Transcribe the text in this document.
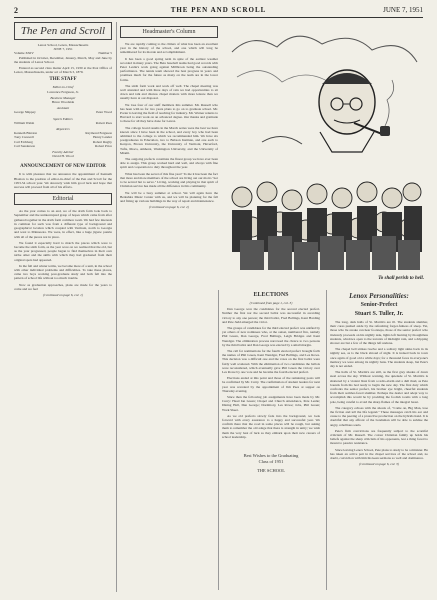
2	THE PEN AND SCROLL	JUNE 7, 1951
The Pen and Scroll
Lenox School, Lenox, Massachusetts
JUNE 7, 1951
Volume XXIV	Number 5

Published in October, December, January, March, May and June by the students of Lenox School.

Entered as second class matter April 15, 1930 at the Post Office of Lenox, Massachusetts, under act of March 3, 1879.

THE STAFF
Editor-in-Chief
Lawrence Ferguson, Jr.
Business Manager
Bruce Woodside
Assistant
George Shippey	Peter Wood
Sports Editors
William Walsh	Robert Pees
Reporters
Kenneth Blaxton	Raymond Ferguson
Tony Creswell	Henry Lander
Carl Eichberg	Robert Rugby
Carl Sunderson	Robert Price
Faculty Adviser
David H. Wood
ANNOUNCEMENT OF NEW EDITOR

It is with pleasure that we announce the appointment of Kenneth Blaxton to the position of editor-in-chief of the Pen and Scroll for the 1953-54 school year. We sincerely wish him good luck and hope that success will proceed from all of his efforts.

Editorial

As the year comes to an end, we of the sixth form look back to September and the uninterrupted grasp of hopes which came from after gathered together in the sixth form common room. We had few interests in common for such was from a different type of background and geographical location which coupled with Vermont, north to Georgia and west to Minnesota. We were, in effect, like a huge jigsaw puzzle with all of the pieces not in place.

We found it especially hard to match the pieces which were to become the sixth form, as the year wore on we realized that the old, but as the year progressed, people began to find themselves in their own niche other and the skills with which they had graduated from their original spots had appeared.

In the fall and winter terms, we became more of a unit, in the school with other individual problems and difficulties. To take these places, came two boys working post-graduate study and both fell into the pattern of school life without too much trouble.

Now as graduation approaches, plans are made for the years to come and we feel

(Continued on page 6, col. 1)
Headmaster's Column

We are rapidly coming to the climax of what has been an excellent year in the history of the school, and one which will long be remembered for its morale and accomplishment.

It has been a good spring term in spite of the earliest weather recorded in many years. The Beta baseball teams had good records with Peter Leslie's work going against Millbrook being the outstanding performance. The tennis team showed the best progress in years and promises much for the future as many on the team are in the lower forms.

The sixth form work and work off well. The chapel meeting was well attended and with three days of rain we had opportunities to sit down and talk and discuss chapel matters with more leisure than we usually have at our disposal.

We lose four of our staff members this summer. Mr. Russell who has been with us for two years plans to go on to graduate school. Mr. Porter is leaving the field of teaching for industry. Mr. Warner returns to Harvard to start work on an advanced degree. Our thanks and gratitude to these for all they have done for Lenox.

The college board results in the March series were the best we have known since I have been in the school, and every boy who had been admitted to the college to which we recommended him. We have six postgraduates in Education, two to Babson Institute, and one each to Kenyon, Brown University, the University of Vermont, Haverford, Tufts, Ithaca, Amherst, Washington University, and the University of Miami.

The outgoing prefects constitute the finest group we have ever been able to assign. This group worked hard and well, and always with fine spirit and cooperation to duty throughout the year.

What has been the secret of this fine year? To me it has been the fact that more and more members of the school are living out our motto "not to be served but to serve." Living, working and playing in that spirit of Christian service has made all the difference in this community.

We will be a busy summer at school. We will again have the Berkshire Music Center with us, and we will be planning for the fall and fixing up various buildings in the way of repair and maintenance.

(Continued on page 6, col. 2)
To shall perish to hell.
ELECTIONS
(Continued from page 1, col. 3)

Dan George won the candidates for the second elected prefect. Neither the first nor the second ballot was successful in awarding victory to any one person; the third ballot, Fred Ballings, Kent Harding and Pete Judd emerged the victor.

The groups of candidates for the third elected prefect was unified by yet others of new nominees who, at the outset, numbered five, namely Phil Green, Dan George, Fred Ballings, Leigh Bridges and Kent Wendgar. The elimination process narrowed the choice to two persons by the third ballot and Dan George was elected by a small margin.

The call for nominations for the fourth elected prefect brought forth the names of Phil Green, Kent Wendgar, Fred Ballings, and Les Rowe. This decision was a difficult one and the votes on the first ballot were fairly well scattered. With the elimination of two candidates the ballots were reconsidered, which eventually gave Phil Green the victory over Les Rowe by one vote and he became the fourth elected prefect.

Elections ended at this point and those of the remaining posts will be confirmed by Mr. Curry. The confirmation of student leaders for next year was revealed by the appointment of Jim Pees at supper on Thursday evening.

Since then the following job assignments have been made by Mr. Curry: Head Ian Green; Chapel and Church Attendance, Pete Leslie; Dining Hall, Dan George; Dormitory, Les Rowe; Jobs, Phil Green; Work Sheet.

As we old prefects slowly fade into the background, we look forward with every assurance to a happy and successful year. We confirm there that the road in some places will be rough, but asking them to remember the old adage that there is strength in unity; we wish them the very best of luck as they embark upon their new careers of school leadership.

Best Wishes to the Graduating
Class of 1951
THE SCHOOL
Lenox Personalities:
Senior-Prefect
Stuart S. Tuller, Jr.

The long, dark halls of St. Martin's are ill. The students slumber, their cares pushed aside by the refreshing forget-fulness of sleep. Yet, those who lie awake can hear footsteps, those of the senior prefect who tirelessly proceeds on his nightly task, lights left burning by thoughtless students, windows open to the torrents of midnight rain, and a dripping shower are but a few of the things left undone.

The chapel bell strikes twelve and a solitary light sinks back in its nightly sea, as is the black shroud of night. It is indeed back in town once again of good old a while days; for a thousand faces in everyone's memory we were among its nightly bans. The students sleep, but Pete's day is not ended.

The halls of St. Martin's are still, as the first grey shades of dawn steal across the sky. Without warning, the quietude of St. Martin's is shattered by a violent blast from a radio-alarm and a dull thud, as Pete bounds from his bed ready to begin the new day. The first duty which confronts the senior prefect, his brother eye bright, cheerful students from their somber-faced slumber. Perhaps the dealer and adept way to accomplish this would be by prodding the foolish rooms with a long pole, being careful to avoid the sharp flames of the integral beast.

The category echoes with the shouts of, "Come on, Big Man, lose the fiction and tell the life legend." These messages catch his ear and cause to the peering of a protective production on the hybrids hand. It is doubtful that any affront of the bondsman will be able to subdue the angry, rebellious souls.

Pete's firm convictions are frequently subject to the scornful criticism of Mr. Russell. The colour Christian family up holds his beliefs against the sharp criticism of his opponents, lest a thing faced to mount to passive resistance.

Since leaving Lenox School, Pete plans to study to be a minister. He has taken an active part in the chapel services of the school and, no doubt, conviction with him his keen sermons so well and dominance.

(Continued on page 6, col. 3)
